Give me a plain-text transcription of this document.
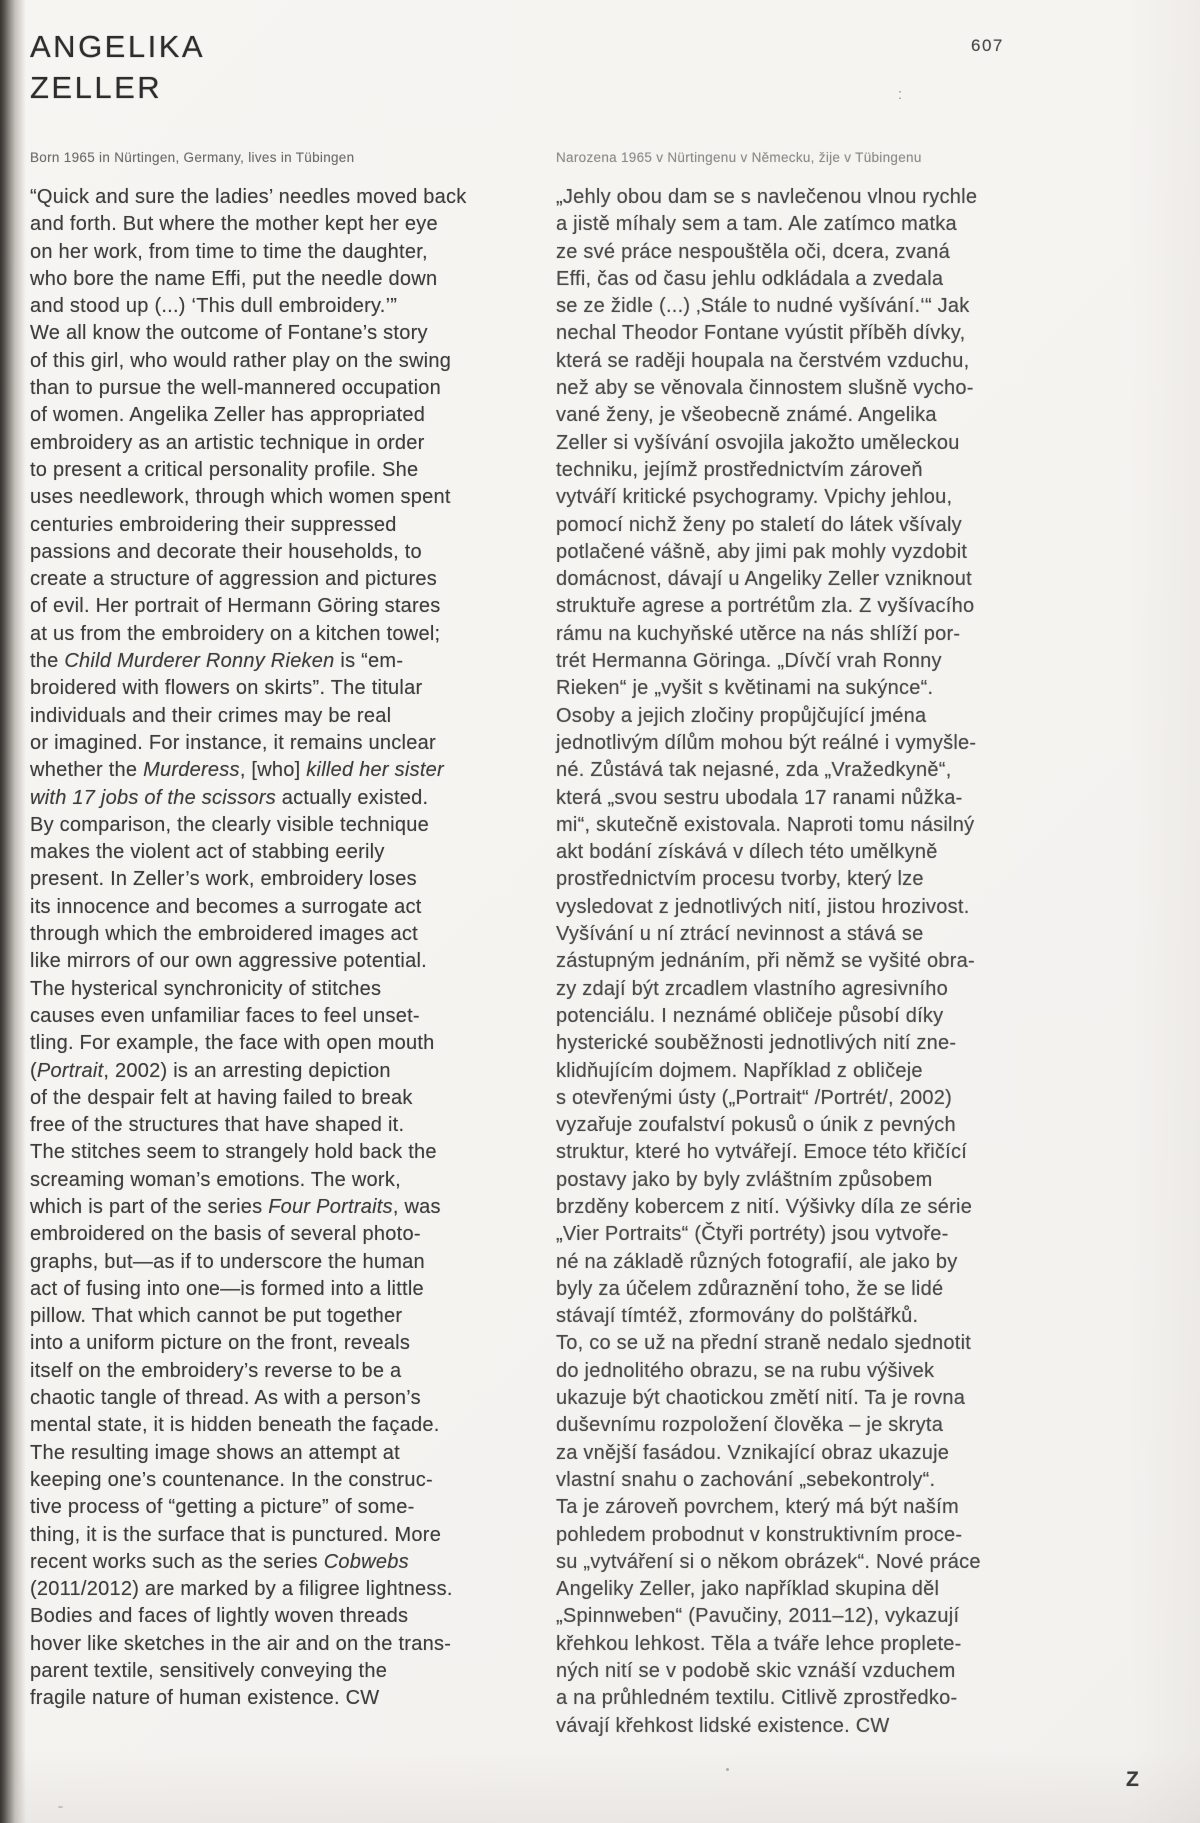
ANGELIKA
ZELLER
607
:
Born 1965 in Nürtingen, Germany, lives in Tübingen	Narozena 1965 v Nürtingenu v Německu, žije v Tübingenu
“Quick and sure the ladies’ needles moved back
and forth. But where the mother kept her eye
on her work, from time to time the daughter,
who bore the name Effi, put the needle down
and stood up (...) ‘This dull embroidery.’”
We all know the outcome of Fontane’s story
of this girl, who would rather play on the swing
than to pursue the well-mannered occupation
of women. Angelika Zeller has appropriated
embroidery as an artistic technique in order
to present a critical personality profile. She
uses needlework, through which women spent
centuries embroidering their suppressed
passions and decorate their households, to
create a structure of aggression and pictures
of evil. Her portrait of Hermann Göring stares
at us from the embroidery on a kitchen towel;
the Child Murderer Ronny Rieken is “em-
broidered with flowers on skirts”. The titular
individuals and their crimes may be real
or imagined. For instance, it remains unclear
whether the Murderess, [who] killed her sister
with 17 jobs of the scissors actually existed.
By comparison, the clearly visible technique
makes the violent act of stabbing eerily
present. In Zeller’s work, embroidery loses
its innocence and becomes a surrogate act
through which the embroidered images act
like mirrors of our own aggressive potential.
The hysterical synchronicity of stitches
causes even unfamiliar faces to feel unset-
tling. For example, the face with open mouth
(Portrait, 2002) is an arresting depiction
of the despair felt at having failed to break
free of the structures that have shaped it.
The stitches seem to strangely hold back the
screaming woman’s emotions. The work,
which is part of the series Four Portraits, was
embroidered on the basis of several photo-
graphs, but—as if to underscore the human
act of fusing into one—is formed into a little
pillow. That which cannot be put together
into a uniform picture on the front, reveals
itself on the embroidery’s reverse to be a
chaotic tangle of thread. As with a person’s
mental state, it is hidden beneath the façade.
The resulting image shows an attempt at
keeping one’s countenance. In the construc-
tive process of “getting a picture” of some-
thing, it is the surface that is punctured. More
recent works such as the series Cobwebs
(2011/2012) are marked by a filigree lightness.
Bodies and faces of lightly woven threads
hover like sketches in the air and on the trans-
parent textile, sensitively conveying the
fragile nature of human existence. CW
„Jehly obou dam se s navlečenou vlnou rychle
a jistě míhaly sem a tam. Ale zatímco matka
ze své práce nespouštěla oči, dcera, zvaná
Effi, čas od času jehlu odkládala a zvedala
se ze židle (...) ‚Stále to nudné vyšívání.‘“ Jak
nechal Theodor Fontane vyústit příběh dívky,
která se raději houpala na čerstvém vzduchu,
než aby se věnovala činnostem slušně vycho-
vané ženy, je všeobecně známé. Angelika
Zeller si vyšívání osvojila jakožto uměleckou
techniku, jejímž prostřednictvím zároveň
vytváří kritické psychogramy. Vpichy jehlou,
pomocí nichž ženy po staletí do látek všívaly
potlačené vášně, aby jimi pak mohly vyzdobit
domácnost, dávají u Angeliky Zeller vzniknout
struktuře agrese a portrétům zla. Z vyšívacího
rámu na kuchyňské utěrce na nás shlíží por-
trét Hermanna Göringa. „Dívčí vrah Ronny
Rieken“ je „vyšit s květinami na sukýnce“.
Osoby a jejich zločiny propůjčující jména
jednotlivým dílům mohou být reálné i vymyšle-
né. Zůstává tak nejasné, zda „Vražedkyně“,
která „svou sestru ubodala 17 ranami nůžka-
mi“, skutečně existovala. Naproti tomu násilný
akt bodání získává v dílech této umělkyně
prostřednictvím procesu tvorby, který lze
vysledovat z jednotlivých nití, jistou hrozivost.
Vyšívání u ní ztrácí nevinnost a stává se
zástupným jednáním, při němž se vyšité obra-
zy zdají být zrcadlem vlastního agresivního
potenciálu. I neznámé obličeje působí díky
hysterické souběžnosti jednotlivých nití zne-
klidňujícím dojmem. Například z obličeje
s otevřenými ústy („Portrait“ /Portrét/, 2002)
vyzařuje zoufalství pokusů o únik z pevných
struktur, které ho vytvářejí. Emoce této křičící
postavy jako by byly zvláštním způsobem
brzděny kobercem z nití. Výšivky díla ze série
„Vier Portraits“ (Čtyři portréty) jsou vytvoře-
né na základě různých fotografií, ale jako by
byly za účelem zdůraznění toho, že se lidé
stávají tímtéž, zformovány do polštářků.
To, co se už na přední straně nedalo sjednotit
do jednolitého obrazu, se na rubu výšivek
ukazuje být chaotickou změtí nití. Ta je rovna
duševnímu rozpoložení člověka – je skryta
za vnější fasádou. Vznikající obraz ukazuje
vlastní snahu o zachování „sebekontroly“.
Ta je zároveň povrchem, který má být naším
pohledem probodnut v konstruktivním proce-
su „vytváření si o někom obrázek“. Nové práce
Angeliky Zeller, jako například skupina děl
„Spinnweben“ (Pavučiny, 2011–12), vykazují
křehkou lehkost. Těla a tváře lehce proplete-
ných nití se v podobě skic vznáší vzduchem
a na průhledném textilu. Citlivě zprostředko-
vávají křehkost lidské existence. CW
Z
